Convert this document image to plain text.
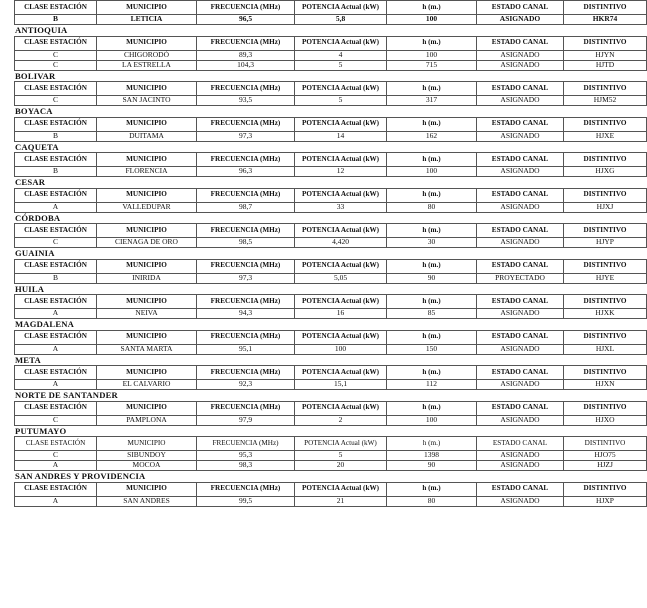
CLASE ESTACIÓN	MUNICIPIO	FRECUENCIA (MHz)	POTENCIA Actual (kW)	h (m.)	ESTADO CANAL	DISTINTIVO
B	LETICIA	96,5	5,8	100	ASIGNADO	HKR74
ANTIOQUIA
CLASE ESTACIÓN	MUNICIPIO	FRECUENCIA (MHz)	POTENCIA Actual (kW)	h (m.)	ESTADO CANAL	DISTINTIVO
C	CHIGORODÓ	89,3	4	100	ASIGNADO	HJYN
C	LA ESTRELLA	104,3	5	715	ASIGNADO	HJTD
BOLIVAR
CLASE ESTACIÓN	MUNICIPIO	FRECUENCIA (MHz)	POTENCIA Actual (kW)	h (m.)	ESTADO CANAL	DISTINTIVO
C	SAN JACINTO	93,5	5	317	ASIGNADO	HJM52
BOYACA
CLASE ESTACIÓN	MUNICIPIO	FRECUENCIA (MHz)	POTENCIA Actual (kW)	h (m.)	ESTADO CANAL	DISTINTIVO
B	DUITAMA	97,3	14	162	ASIGNADO	HJXE
CAQUETA
CLASE ESTACIÓN	MUNICIPIO	FRECUENCIA (MHz)	POTENCIA Actual (kW)	h (m.)	ESTADO CANAL	DISTINTIVO
B	FLORENCIA	96,3	12	100	ASIGNADO	HJXG
CESAR
CLASE ESTACIÓN	MUNICIPIO	FRECUENCIA (MHz)	POTENCIA Actual (kW)	h (m.)	ESTADO CANAL	DISTINTIVO
A	VALLEDUPAR	98,7	33	80	ASIGNADO	HJXJ
CÓRDOBA
CLASE ESTACIÓN	MUNICIPIO	FRECUENCIA (MHz)	POTENCIA Actual (kW)	h (m.)	ESTADO CANAL	DISTINTIVO
C	CIENAGA DE ORO	98,5	4,420	30	ASIGNADO	HJYP
GUAINIA
CLASE ESTACIÓN	MUNICIPIO	FRECUENCIA (MHz)	POTENCIA Actual (kW)	h (m.)	ESTADO CANAL	DISTINTIVO
B	INIRIDA	97,3	5,05	90	PROYECTADO	HJYE
HUILA
CLASE ESTACIÓN	MUNICIPIO	FRECUENCIA (MHz)	POTENCIA Actual (kW)	h (m.)	ESTADO CANAL	DISTINTIVO
A	NEIVA	94,3	16	85	ASIGNADO	HJXK
MAGDALENA
CLASE ESTACIÓN	MUNICIPIO	FRECUENCIA (MHz)	POTENCIA Actual (kW)	h (m.)	ESTADO CANAL	DISTINTIVO
A	SANTA MARTA	95,1	100	150	ASIGNADO	HJXL
META
CLASE ESTACIÓN	MUNICIPIO	FRECUENCIA (MHz)	POTENCIA Actual (kW)	h (m.)	ESTADO CANAL	DISTINTIVO
A	EL CALVARIO	92,3	15,1	112	ASIGNADO	HJXN
NORTE DE SANTANDER
CLASE ESTACIÓN	MUNICIPIO	FRECUENCIA (MHz)	POTENCIA Actual (kW)	h (m.)	ESTADO CANAL	DISTINTIVO
C	PAMPLONA	97,9	2	100	ASIGNADO	HJXO
PUTUMAYO
CLASE ESTACIÓN	MUNICIPIO	FRECUENCIA (MHz)	POTENCIA Actual (kW)	h (m.)	ESTADO CANAL	DISTINTIVO
C	SIBUNDOY	95,3	5	1398	ASIGNADO	HJO75
A	MOCOA	98,3	20	90	ASIGNADO	HJZJ
SAN ANDRES Y PROVIDENCIA
CLASE ESTACIÓN	MUNICIPIO	FRECUENCIA (MHz)	POTENCIA Actual (kW)	h (m.)	ESTADO CANAL	DISTINTIVO
A	SAN ANDRES	99,5	21	80	ASIGNADO	HJXP
